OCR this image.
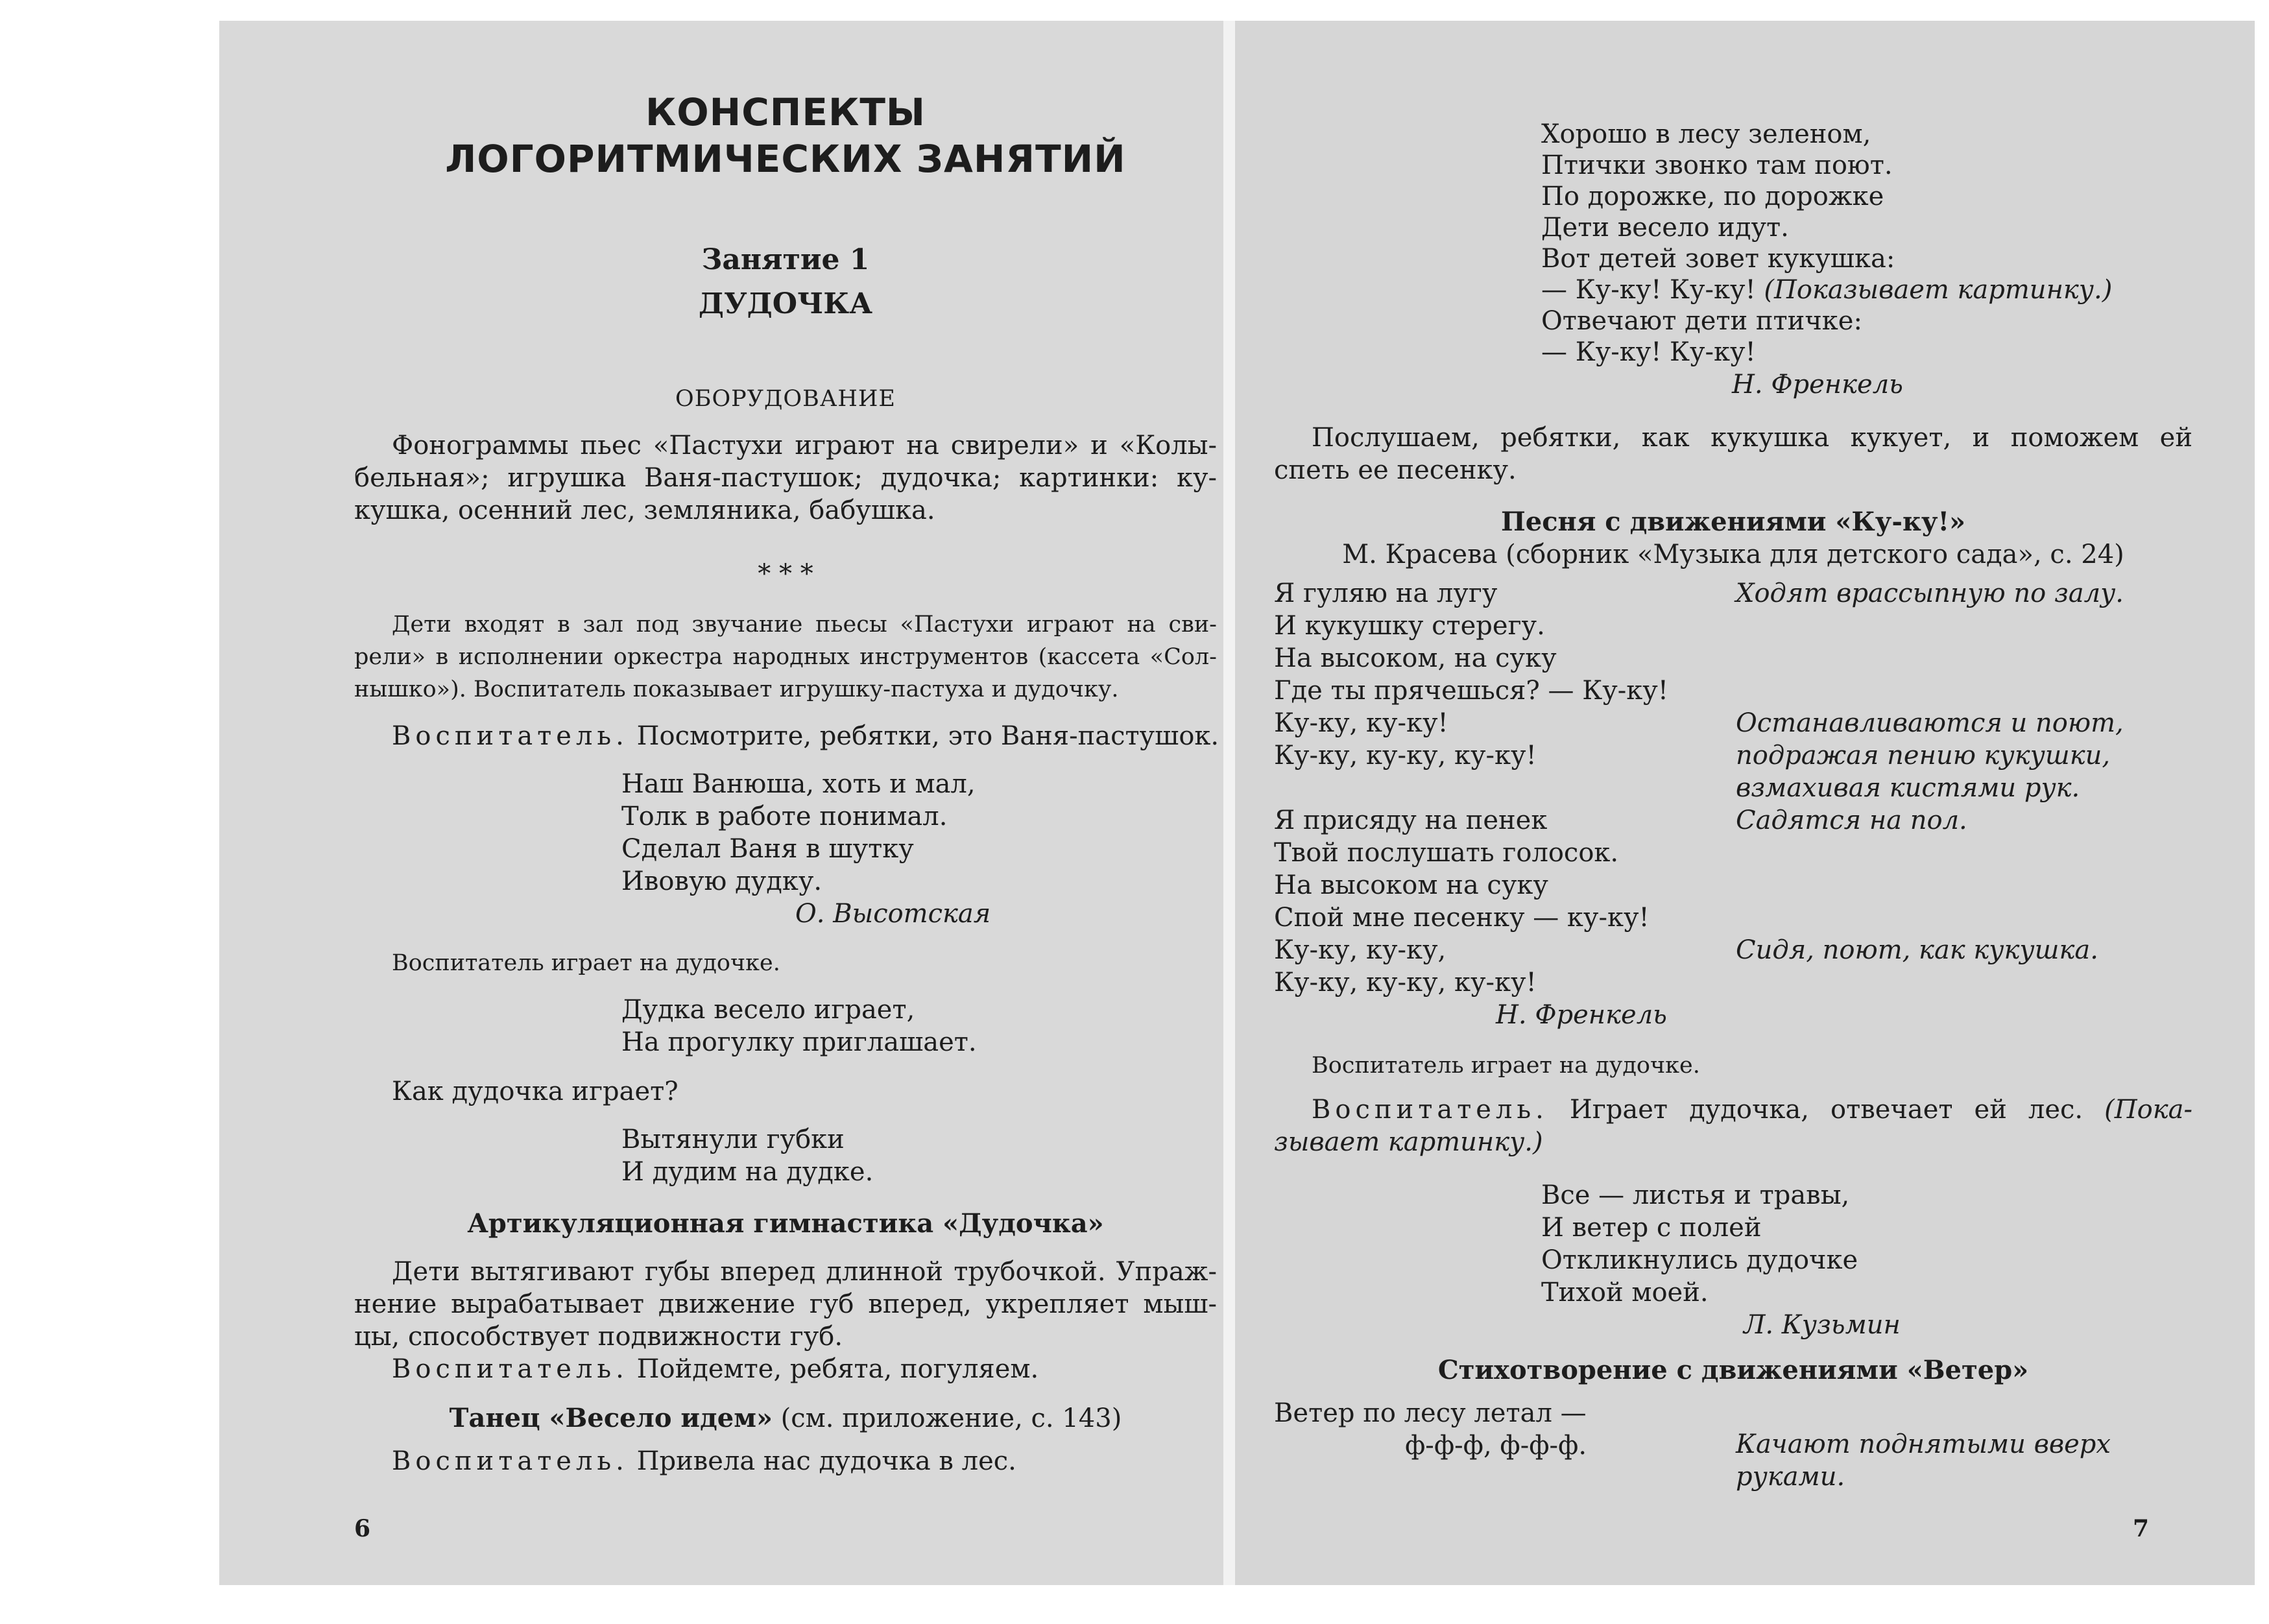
КОНСПЕКТЫ
ЛОГОРИТМИЧЕСКИХ ЗАНЯТИЙ
Занятие 1
ДУДОЧКА
ОБОРУДОВАНИЕ
Фонограммы пьес «Пастухи играют на свирели» и «Колы-
бельная»; игрушка Ваня-пастушок; дудочка; картинки: ку-
кушка, осенний лес, земляника, бабушка.
* * *
Дети входят в зал под звучание пьесы «Пастухи играют на сви-
рели» в исполнении оркестра народных инструментов (кассета «Сол-
нышко»). Воспитатель показывает игрушку-пастуха и дудочку.
Воспитатель. Посмотрите, ребятки, это Ваня-пастушок.
Наш Ванюша, хоть и мал,
Толк в работе понимал.
Сделал Ваня в шутку
Ивовую дудку.
О. Высотская
Воспитатель играет на дудочке.
Дудка весело играет,
На прогулку приглашает.
Как дудочка играет?
Вытянули губки
И дудим на дудке.
Артикуляционная гимнастика «Дудочка»
Дети вытягивают губы вперед длинной трубочкой. Упраж-
нение вырабатывает движение губ вперед, укрепляет мыш-
цы, способствует подвижности губ.
Воспитатель. Пойдемте, ребята, погуляем.
Танец «Весело идем» (см. приложение, с. 143)
Воспитатель. Привела нас дудочка в лес.
6
Хорошо в лесу зеленом,
Птички звонко там поют.
По дорожке, по дорожке
Дети весело идут.
Вот детей зовет кукушка:
— Ку-ку! Ку-ку! (Показывает картинку.)
Отвечают дети птичке:
— Ку-ку! Ку-ку!
Н. Френкель
Послушаем, ребятки, как кукушка кукует, и поможем ей
спеть ее песенку.
Песня с движениями «Ку-ку!»
М. Красева (сборник «Музыка для детского сада», с. 24)
Я гуляю на лугу
И кукушку стерегу.
На высоком, на суку
Где ты прячешься? — Ку-ку!
Ку-ку, ку-ку!
Ку-ку, ку-ку, ку-ку!
Я присяду на пенек
Твой послушать голосок.
На высоком на суку
Спой мне песенку — ку-ку!
Ку-ку, ку-ку,
Ку-ку, ку-ку, ку-ку!
Ходят врассыпную по залу.
Останавливаются и поют,
подражая пению кукушки,
взмахивая кистями рук.
Садятся на пол.
Сидя, поют, как кукушка.
Н. Френкель
Воспитатель играет на дудочке.
Воспитатель. Играет дудочка, отвечает ей лес. (Пока-
зывает картинку.)
Все — листья и травы,
И ветер с полей
Откликнулись дудочке
Тихой моей.
Л. Кузьмин
Стихотворение с движениями «Ветер»
Ветер по лесу летал —
ф-ф-ф, ф-ф-ф.	Качают поднятыми вверх
руками.
7
